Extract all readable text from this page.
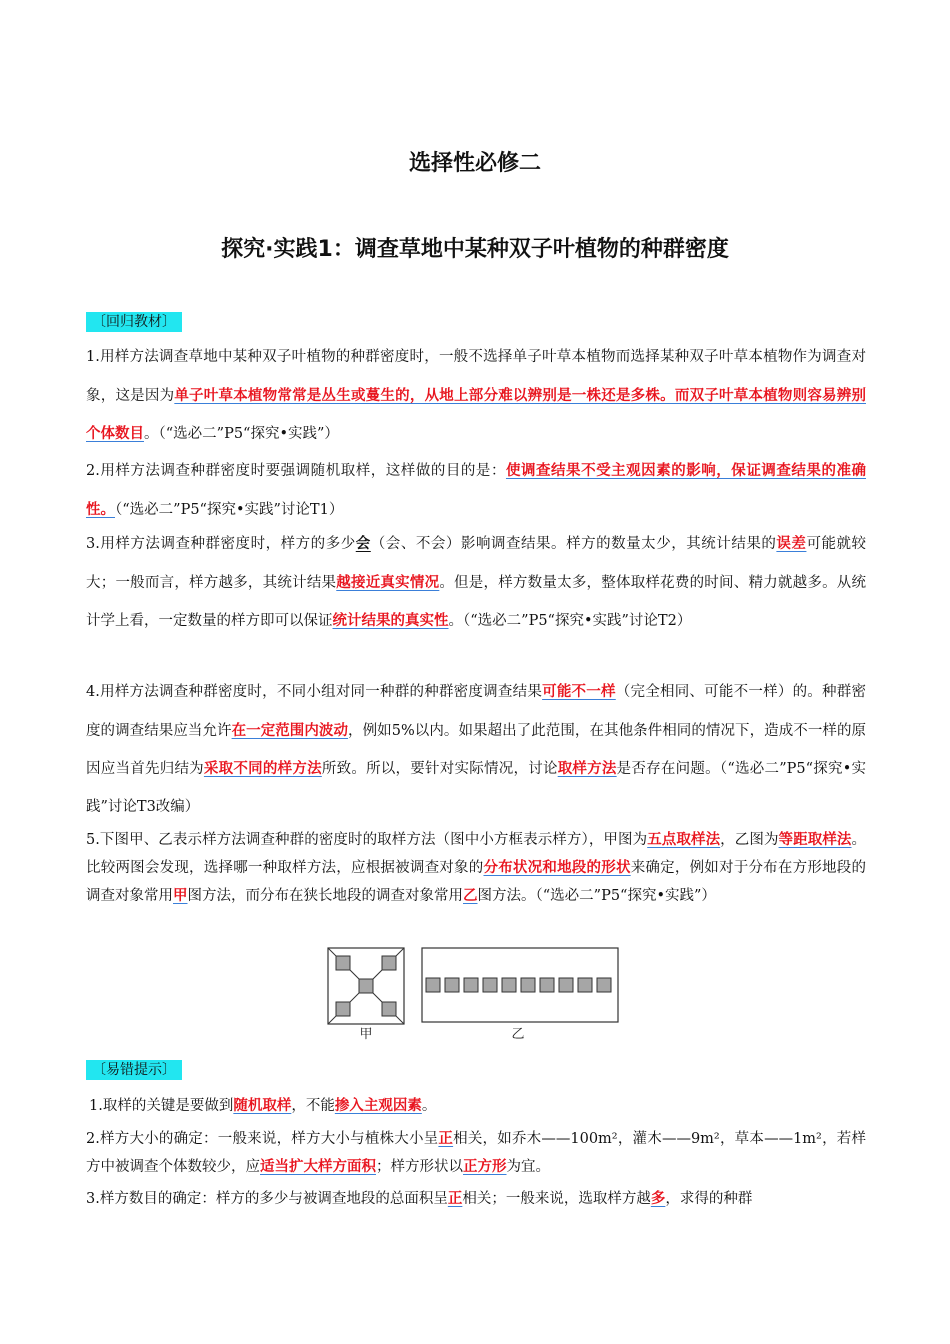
选择性必修二
探究·实践1：调查草地中某种双子叶植物的种群密度
〔回归教材〕

1.用样方法调查草地中某种双子叶植物的种群密度时，一般不选择单子叶草本植物而选择某种双子叶草本植物作为调查对象，这是因为单子叶草本植物常常是丛生或蔓生的，从地上部分难以辨别是一株还是多株。而双子叶草本植物则容易辨别个体数目。（“选必二”P5“探究•实践”）

2.用样方法调查种群密度时要强调随机取样，这样做的目的是：使调查结果不受主观因素的影响，保证调查结果的准确性。（“选必二”P5“探究•实践”讨论T1）

3.用样方法调查种群密度时，样方的多少会（会、不会）影响调查结果。样方的数量太少，其统计结果的误差可能就较大；一般而言，样方越多，其统计结果越接近真实情况。但是，样方数量太多，整体取样花费的时间、精力就越多。从统计学上看，一定数量的样方即可以保证统计结果的真实性。（“选必二”P5“探究•实践”讨论T2）

4.用样方法调查种群密度时，不同小组对同一种群的种群密度调查结果可能不一样（完全相同、可能不一样）的。种群密度的调查结果应当允许在一定范围内波动，例如5%以内。如果超出了此范围，在其他条件相同的情况下，造成不一样的原因应当首先归结为采取不同的样方法所致。所以，要针对实际情况，讨论取样方法是否存在问题。（“选必二”P5“探究•实践”讨论T3改编）

5.下图甲、乙表示样方法调查种群的密度时的取样方法（图中小方框表示样方），甲图为五点取样法，乙图为等距取样法。比较两图会发现，选择哪一种取样方法，应根据被调查对象的分布状况和地段的形状来确定，例如对于分布在方形地段的调查对象常用甲图方法，而分布在狭长地段的调查对象常用乙图方法。（“选必二”P5“探究•实践”）

甲	乙
〔易错提示〕

1.取样的关键是要做到随机取样，不能掺入主观因素。

2.样方大小的确定：一般来说，样方大小与植株大小呈正相关，如乔木——100m²，灌木——9m²，草本——1m²，若样方中被调查个体数较少，应适当扩大样方面积；样方形状以正方形为宜。

3.样方数目的确定：样方的多少与被调查地段的总面积呈正相关；一般来说，选取样方越多，求得的种群
